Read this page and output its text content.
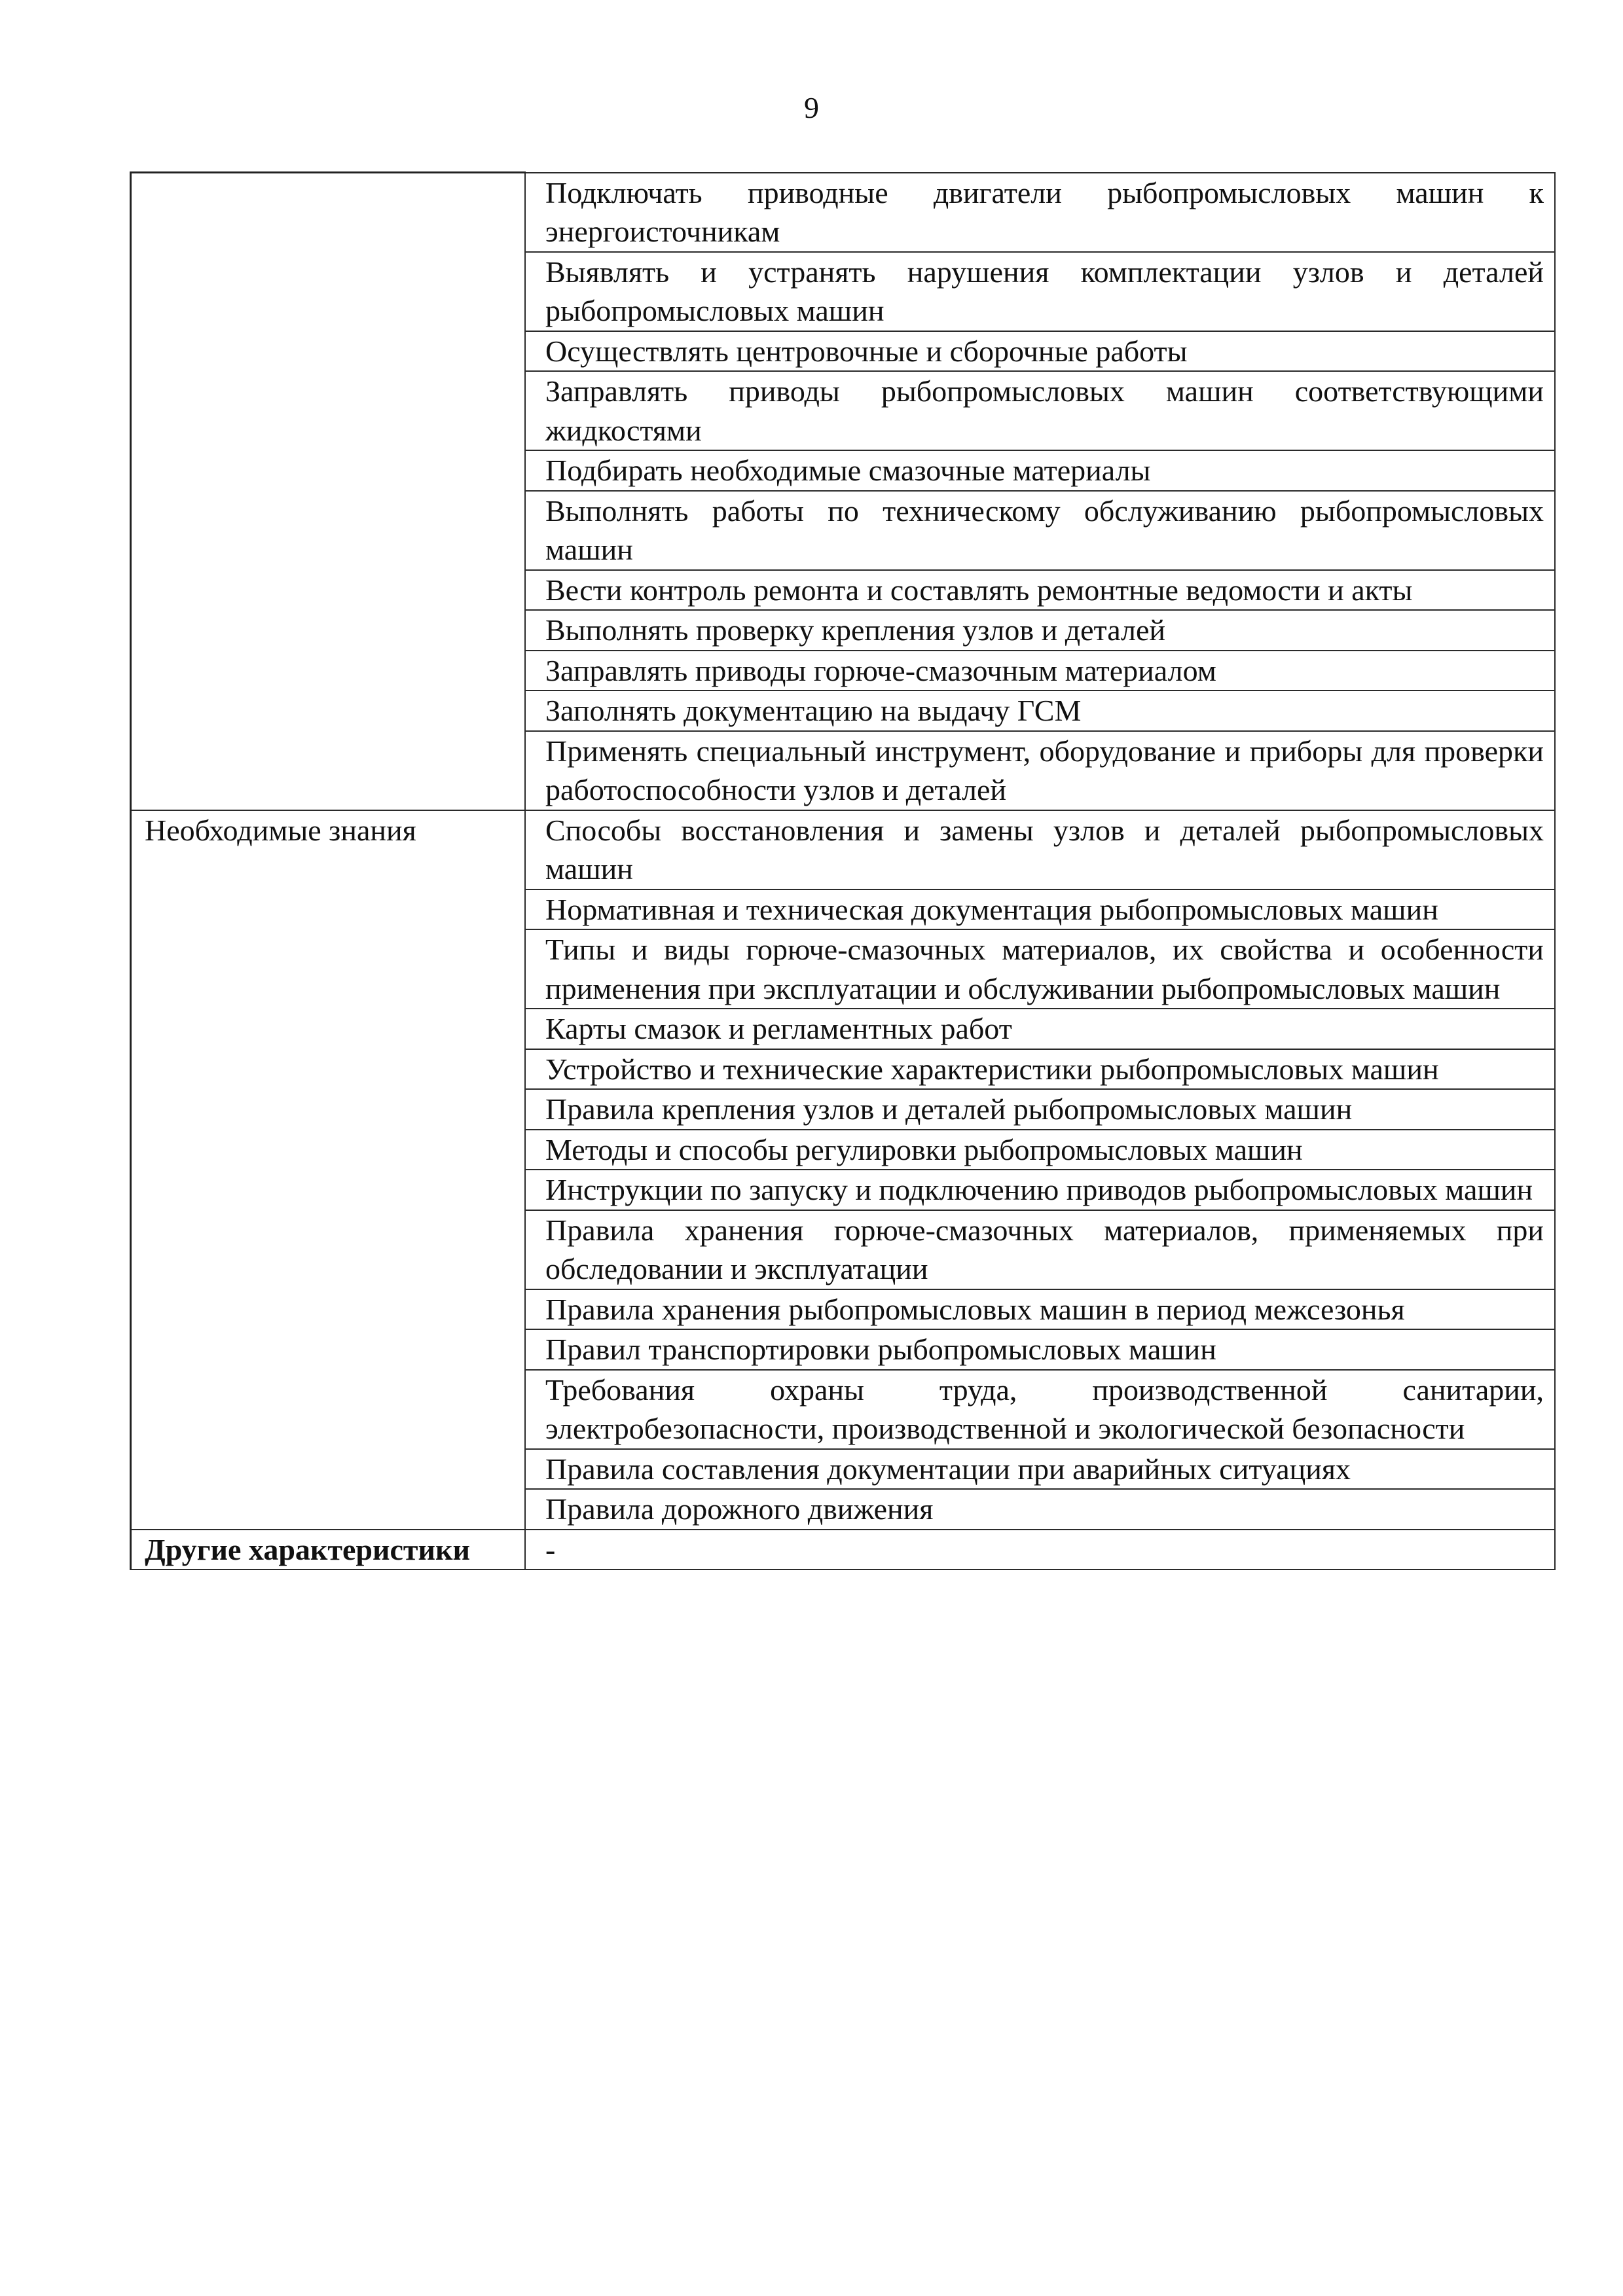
9
	Подключать приводные двигатели рыбопромысловых машин к энергоисточникам
	Выявлять и устранять нарушения комплектации узлов и деталей рыбопромысловых машин
	Осуществлять центровочные и сборочные работы
	Заправлять приводы рыбопромысловых машин соответствующими жидкостями
	Подбирать необходимые смазочные материалы
	Выполнять работы по техническому обслуживанию рыбопромысловых машин
	Вести контроль ремонта и составлять ремонтные ведомости и акты
	Выполнять проверку крепления узлов и деталей
	Заправлять приводы горюче-смазочным материалом
	Заполнять документацию на выдачу ГСМ
	Применять специальный инструмент, оборудование и приборы для проверки работоспособности узлов и деталей

Необходимые знания	Способы восстановления и замены узлов и деталей рыбопромысловых машин
	Нормативная и техническая документация рыбопромысловых машин
	Типы и виды горюче-смазочных материалов, их свойства и особенности применения при эксплуатации и обслуживании рыбопромысловых машин
	Карты смазок и регламентных работ
	Устройство и технические характеристики рыбопромысловых машин
	Правила крепления узлов и деталей рыбопромысловых машин
	Методы и способы регулировки рыбопромысловых машин
	Инструкции по запуску и подключению приводов рыбопромысловых машин
	Правила хранения горюче-смазочных материалов, применяемых при обследовании и эксплуатации
	Правила хранения рыбопромысловых машин в период межсезонья
	Правил транспортировки рыбопромысловых машин
	Требования охраны труда, производственной санитарии, электробезопасности, производственной и экологической безопасности
	Правила составления документации при аварийных ситуациях
	Правила дорожного движения

Другие характеристики	-
